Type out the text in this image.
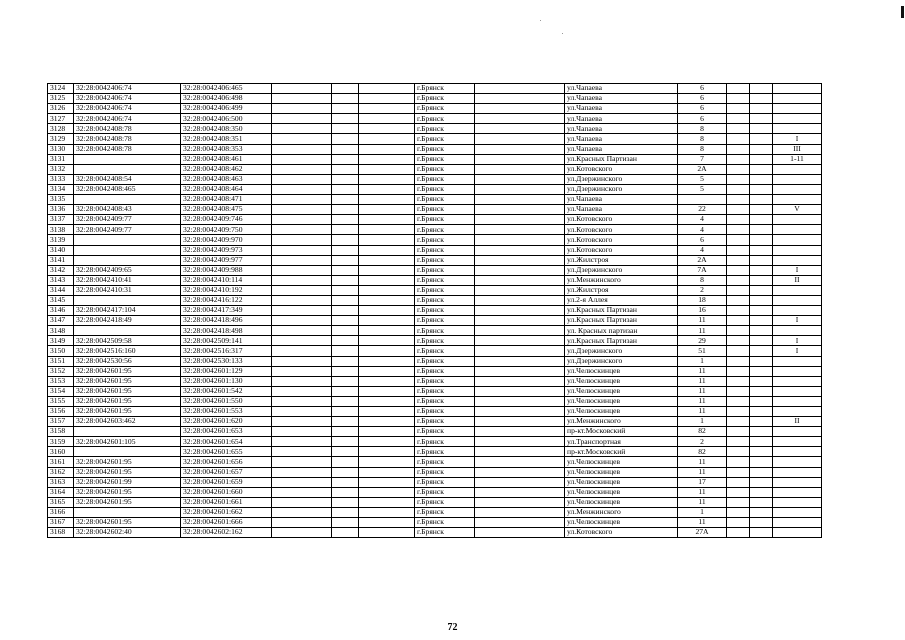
3124	32:28:0042406:74	32:28:0042406:465				г.Брянск		ул.Чапаева	6			
3125	32:28:0042406:74	32:28:0042406:498				г.Брянск		ул.Чапаева	6			
3126	32:28:0042406:74	32:28:0042406:499				г.Брянск		ул.Чапаева	6			
3127	32:28:0042406:74	32:28:0042406:500				г.Брянск		ул.Чапаева	6			
3128	32:28:0042408:78	32:28:0042408:350				г.Брянск		ул.Чапаева	8			
3129	32:28:0042408:78	32:28:0042408:351				г.Брянск		ул.Чапаева	8			I
3130	32:28:0042408:78	32:28:0042408:353				г.Брянск		ул.Чапаева	8			III
3131		32:28:0042408:461				г.Брянск		ул.Красных Партизан	7			1-11
3132		32:28:0042408:462				г.Брянск		ул.Котовского	2А			
3133	32:28:0042408:54	32:28:0042408:463				г.Брянск		ул.Дзержинского	5			
3134	32:28:0042408:465	32:28:0042408:464				г.Брянск		ул.Дзержинского	5			
3135		32:28:0042408:471				г.Брянск		ул.Чапаева				
3136	32:28:0042408:43	32:28:0042408:475				г.Брянск		ул.Чапаева	22			V
3137	32:28:0042409:77	32:28:0042409:746				г.Брянск		ул.Котовского	4			
3138	32:28:0042409:77	32:28:0042409:750				г.Брянск		ул.Котовского	4			
3139		32:28:0042409:970				г.Брянск		ул.Котовского	6			
3140		32:28:0042409:973				г.Брянск		ул.Котовского	4			
3141		32:28:0042409:977				г.Брянск		ул.Жилстроя	2А			
3142	32:28:0042409:65	32:28:0042409:988				г.Брянск		ул.Дзержинского	7А			I
3143	32:28:0042410:41	32:28:0042410:114				г.Брянск		ул.Менжинского	8			II
3144	32:28:0042410:31	32:28:0042410:192				г.Брянск		ул.Жилстроя	2			
3145		32:28:0042416:122				г.Брянск		ул.2-я Аллея	18			
3146	32:28:0042417:104	32:28:0042417:349				г.Брянск		ул.Красных Партизан	16			
3147	32:28:0042418:49	32:28:0042418:496				г.Брянск		ул.Красных Партизан	11			I
3148		32:28:0042418:498				г.Брянск		ул. Красных партизан	11			
3149	32:28:0042509:58	32:28:0042509:141				г.Брянск		ул.Красных Партизан	29			I
3150	32:28:0042516:160	32:28:0042516:317				г.Брянск		ул.Дзержинского	51			I
3151	32:28:0042530:56	32:28:0042530:133				г.Брянск		ул.Дзержинского	1			
3152	32:28:0042601:95	32:28:0042601:129				г.Брянск		ул.Челюскинцев	11			
3153	32:28:0042601:95	32:28:0042601:130				г.Брянск		ул.Челюскинцев	11			
3154	32:28:0042601:95	32:28:0042601:542				г.Брянск		ул.Челюскинцев	11			
3155	32:28:0042601:95	32:28:0042601:550				г.Брянск		ул.Челюскинцев	11			
3156	32:28:0042601:95	32:28:0042601:553				г.Брянск		ул.Челюскинцев	11			
3157	32:28:0042603:462	32:28:0042601:620				г.Брянск		ул.Менжинского	1			II
3158		32:28:0042601:653				г.Брянск		пр-кт.Московский	82			
3159	32:28:0042601:105	32:28:0042601:654				г.Брянск		ул.Транспортная	2			
3160		32:28:0042601:655				г.Брянск		пр-кт.Московский	82			
3161	32:28:0042601:95	32:28:0042601:656				г.Брянск		ул.Челюскинцев	11			
3162	32:28:0042601:95	32:28:0042601:657				г.Брянск		ул.Челюскинцев	11			
3163	32:28:0042601:99	32:28:0042601:659				г.Брянск		ул.Челюскинцев	17			
3164	32:28:0042601:95	32:28:0042601:660				г.Брянск		ул.Челюскинцев	11			
3165	32:28:0042601:95	32:28:0042601:661				г.Брянск		ул.Челюскинцев	11			
3166		32:28:0042601:662				г.Брянск		ул.Менжинского	1			
3167	32:28:0042601:95	32:28:0042601:666				г.Брянск		ул.Челюскинцев	11			
3168	32:28:0042602:40	32:28:0042602:162				г.Брянск		ул.Котовского	27А			
72
